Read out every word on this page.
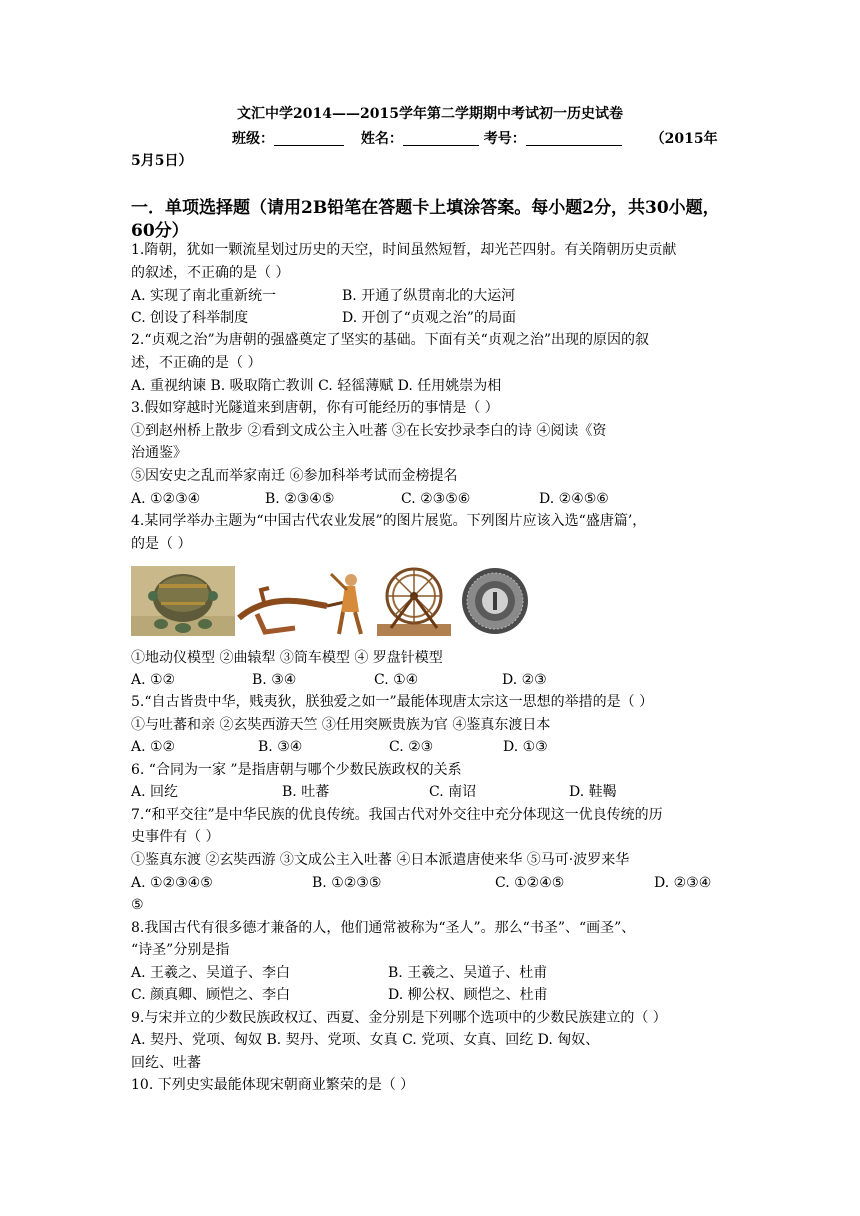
文汇中学2014——2015学年第二学期期中考试初一历史试卷
班级：	姓名：	考号：	（2015年
5月5日）
一．单项选择题（请用2B铅笔在答题卡上填涂答案。每小题2分，共30小题，
60分）
1.隋朝，犹如一颗流星划过历史的天空，时间虽然短暂，却光芒四射。有关隋朝历史贡献
的叙述，不正确的是（ ）
A. 实现了南北重新统一	B. 开通了纵贯南北的大运河
C. 创设了科举制度	D. 开创了“贞观之治”的局面
2.“贞观之治”为唐朝的强盛奠定了坚实的基础。下面有关“贞观之治”出现的原因的叙
述，不正确的是（ ）
A. 重视纳谏 B. 吸取隋亡教训 C. 轻徭薄赋 D. 任用姚崇为相
3.假如穿越时光隧道来到唐朝，你有可能经历的事情是（ ）
①到赵州桥上散步 ②看到文成公主入吐蕃 ③在长安抄录李白的诗 ④阅读《资
治通鉴》
⑤因安史之乱而举家南迁 ⑥参加科举考试而金榜提名
A. ①②③④	B. ②③④⑤	C. ②③⑤⑥	D. ②④⑤⑥
4.某同学举办主题为“中国古代农业发展”的图片展览。下列图片应该入选“盛唐篇’，
的是（ ）
①地动仪模型 ②曲辕犁 ③筒车模型 ④ 罗盘针模型
A. ①②	B. ③④	C. ①④	D. ②③
5.“自古皆贵中华，贱夷狄，朕独爱之如一”最能体现唐太宗这一思想的举措的是（ ）
①与吐蕃和亲 ②玄奘西游天竺 ③任用突厥贵族为官 ④鉴真东渡日本
A. ①②	B. ③④	C. ②③	D. ①③
6. “合同为一家 ”是指唐朝与哪个少数民族政权的关系
A. 回纥	B. 吐蕃	C. 南诏	D. 鞋鞨
7.“和平交往”是中华民族的优良传统。我国古代对外交往中充分体现这一优良传统的历
史事件有（ ）
①鉴真东渡 ②玄奘西游 ③文成公主入吐蕃 ④日本派遣唐使来华 ⑤马可·波罗来华
A. ①②③④⑤	B. ①②③⑤	C. ①②④⑤	D. ②③④
⑤
8.我国古代有很多德才兼备的人，他们通常被称为“圣人”。那么“书圣”、“画圣”、
“诗圣”分别是指
A. 王羲之、吴道子、李白	B. 王羲之、吴道子、杜甫
C. 颜真卿、顾恺之、李白	D. 柳公权、顾恺之、杜甫
9.与宋并立的少数民族政权辽、西夏、金分别是下列哪个选项中的少数民族建立的（ ）
A. 契丹、党项、匈奴 B. 契丹、党项、女真 C. 党项、女真、回纥 D. 匈奴、
回纥、吐蕃
10. 下列史实最能体现宋朝商业繁荣的是（ ）
